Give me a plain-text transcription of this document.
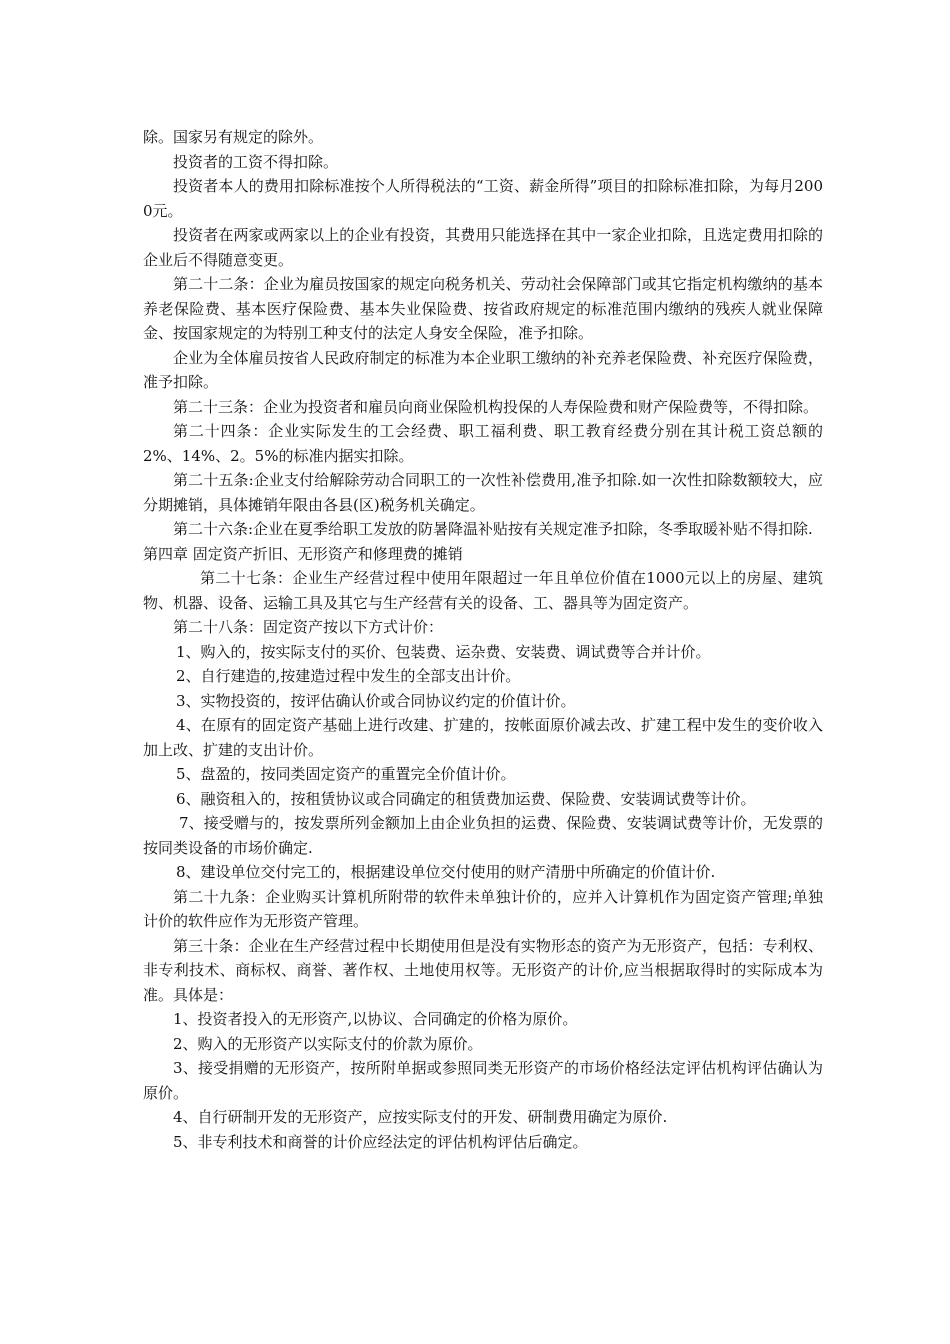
除。国家另有规定的除外。

投资者的工资不得扣除。

投资者本人的费用扣除标准按个人所得税法的“工资、薪金所得”项目的扣除标准扣除，为每月2000元。

投资者在两家或两家以上的企业有投资，其费用只能选择在其中一家企业扣除，且选定费用扣除的企业后不得随意变更。

第二十二条：企业为雇员按国家的规定向税务机关、劳动社会保障部门或其它指定机构缴纳的基本养老保险费、基本医疗保险费、基本失业保险费、按省政府规定的标准范围内缴纳的残疾人就业保障金、按国家规定的为特别工种支付的法定人身安全保险，准予扣除。

企业为全体雇员按省人民政府制定的标准为本企业职工缴纳的补充养老保险费、补充医疗保险费，准予扣除。

第二十三条：企业为投资者和雇员向商业保险机构投保的人寿保险费和财产保险费等，不得扣除。

第二十四条：企业实际发生的工会经费、职工福利费、职工教育经费分别在其计税工资总额的2%、14%、2。5%的标准内据实扣除。

第二十五条:企业支付给解除劳动合同职工的一次性补偿费用,准予扣除.如一次性扣除数额较大，应分期摊销，具体摊销年限由各县(区)税务机关确定。

第二十六条:企业在夏季给职工发放的防暑降温补贴按有关规定准予扣除，冬季取暖补贴不得扣除.

第四章 固定资产折旧、无形资产和修理费的摊销

第二十七条：企业生产经营过程中使用年限超过一年且单位价值在1000元以上的房屋、建筑物、机器、设备、运输工具及其它与生产经营有关的设备、工、器具等为固定资产。

第二十八条：固定资产按以下方式计价：

1、购入的，按实际支付的买价、包装费、运杂费、安装费、调试费等合并计价。

2、自行建造的,按建造过程中发生的全部支出计价。

3、实物投资的，按评估确认价或合同协议约定的价值计价。

4、在原有的固定资产基础上进行改建、扩建的，按帐面原价减去改、扩建工程中发生的变价收入加上改、扩建的支出计价。

5、盘盈的，按同类固定资产的重置完全价值计价。

6、融资租入的，按租赁协议或合同确定的租赁费加运费、保险费、安装调试费等计价。

7、接受赠与的，按发票所列金额加上由企业负担的运费、保险费、安装调试费等计价，无发票的按同类设备的市场价确定.

8、建设单位交付完工的，根据建设单位交付使用的财产清册中所确定的价值计价.

第二十九条：企业购买计算机所附带的软件未单独计价的，应并入计算机作为固定资产管理;单独计价的软件应作为无形资产管理。

第三十条：企业在生产经营过程中长期使用但是没有实物形态的资产为无形资产，包括：专利权、非专利技术、商标权、商誉、著作权、土地使用权等。无形资产的计价,应当根据取得时的实际成本为准。具体是：

1、投资者投入的无形资产,以协议、合同确定的价格为原价。

2、购入的无形资产以实际支付的价款为原价。

3、接受捐赠的无形资产，按所附单据或参照同类无形资产的市场价格经法定评估机构评估确认为原价。

4、自行研制开发的无形资产，应按实际支付的开发、研制费用确定为原价.

5、非专利技术和商誉的计价应经法定的评估机构评估后确定。
